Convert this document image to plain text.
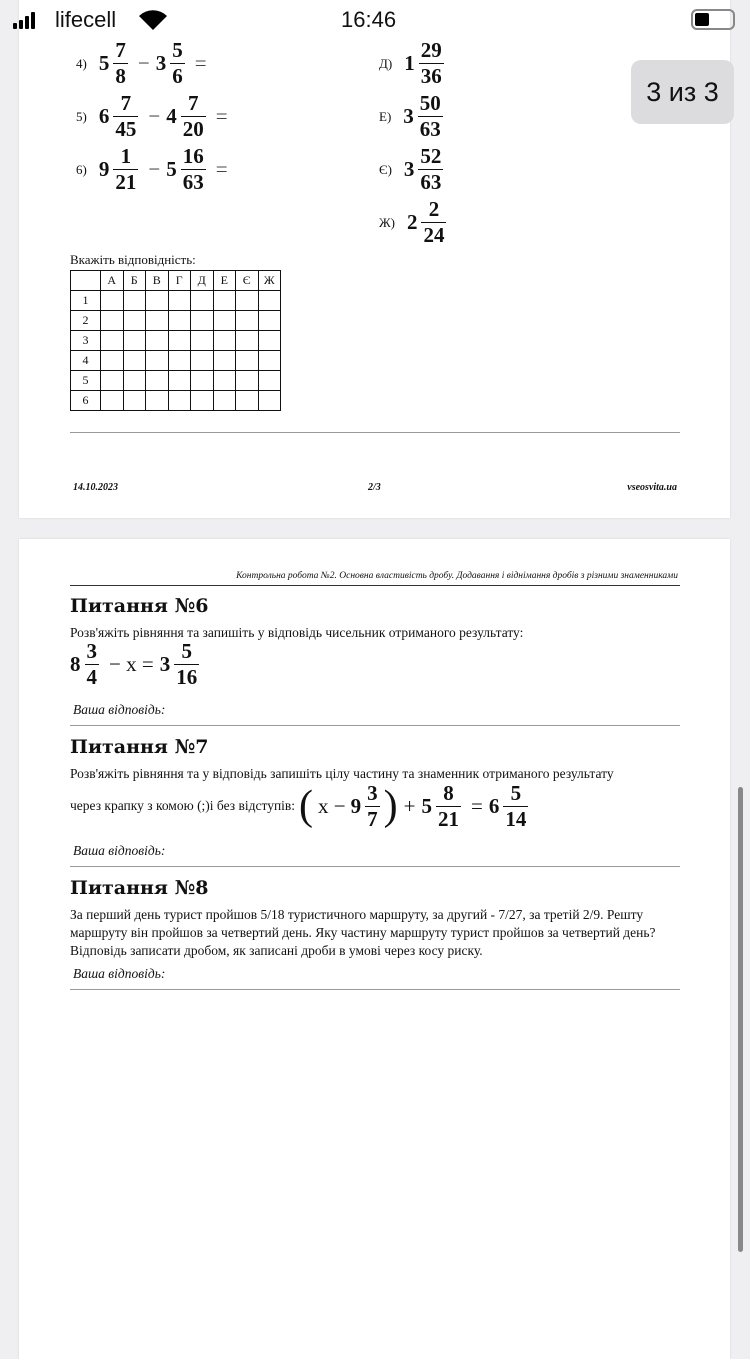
4) $5 \frac{7}{8} - 3 \frac{5}{6}$ =
5) $6 \frac{7}{45} - 4 \frac{7}{20}$ =
6) $9 \frac{1}{21} - 5 \frac{16}{63}$ =
Д) $1 \frac{29}{36}$
Е) $3 \frac{50}{63}$
Є) $3 \frac{52}{63}$
Ж) $2 \frac{2}{24}$
Вкажіть відповідність:
	А	Б	В	Г	Д	Е	Є	Ж
1								
2								
3								
4								
5								
6								
14.10.2023	2/3	vseosvita.ua
Контрольна робота №2. Основна властивість дробу. Додавання і віднімання дробів з різними знаменниками
Питання №6
Розв'яжіть рівняння та запишіть у відповідь чисельник отриманого результату:
$8 \frac{3}{4} - x = 3 \frac{5}{16}$
Ваша відповідь:
Питання №7
Розв'яжіть рівняння та у відповідь запишіть цілу частину та знаменник отриманого результату
через крапку з комою (;)і без відступів: ( $x - 9 \frac{3}{7}$ ) + $5 \frac{8}{21} = 6 \frac{5}{14}$
Ваша відповідь:
Питання №8
За перший день турист пройшов 5/18 туристичного маршруту, за другий - 7/27, за третій 2/9. Решту маршруту він пройшов за четвертий день. Яку частину маршруту турист пройшов за четвертий день? Відповідь записати дробом, як записані дроби в умові через косу риску.
Ваша відповідь:
lifecell	16:46
3 из 3
